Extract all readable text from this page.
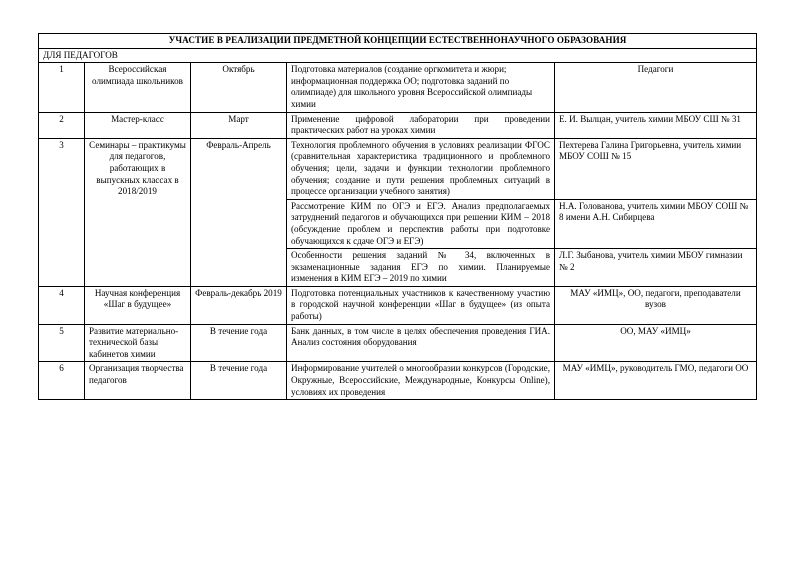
УЧАСТИЕ В РЕАЛИЗАЦИИ ПРЕДМЕТНОЙ КОНЦЕПЦИИ ЕСТЕСТВЕННОНАУЧНОГО ОБРАЗОВАНИЯ				
ДЛЯ ПЕДАГОГОВ				
1	Всероссийская олимпиада школьников	Октябрь	Подготовка материалов (создание оргкомитета и жюри; информационная поддержка ОО; подготовка заданий по олимпиаде) для школьного уровня Всероссийской олимпиады химии	Педагоги
2	Мастер-класс	Март	Применение цифровой лаборатории при проведении практических работ на уроках химии	Е. И. Вылцан, учитель химии МБОУ СШ № 31
3	Семинары – практикумы для педагогов, работающих в выпускных классах в 2018/2019	Февраль-Апрель	Технология проблемного обучения в условиях реализации ФГОС (сравнительная характеристика традиционного и проблемного обучения; цели, задачи и функции технологии проблемного обучения; создание и пути решения проблемных ситуаций в процессе организации учебного занятия)	Пехтерева Галина Григорьевна, учитель химии МБОУ СОШ № 15
			Рассмотрение КИМ по ОГЭ и ЕГЭ. Анализ предполагаемых затруднений педагогов и обучающихся при решении КИМ – 2018 (обсуждение проблем и перспектив работы при подготовке обучающихся к сдаче ОГЭ и ЕГЭ)	Н.А. Голованова, учитель химии МБОУ СОШ № 8 имени А.Н. Сибирцева
			Особенности решения заданий № 34, включенных в экзаменационные задания ЕГЭ по химии. Планируемые изменения в КИМ ЕГЭ – 2019 по химии	Л.Г. Зыбанова, учитель химии МБОУ гимназии № 2
4	Научная конференция «Шаг в будущее»	Февраль-декабрь 2019	Подготовка потенциальных участников к качественному участию в городской научной конференции «Шаг в будущее» (из опыта работы)	МАУ «ИМЦ», ОО, педагоги, преподаватели вузов
5	Развитие материально-технической базы кабинетов химии	В течение года	Банк данных, в том числе в целях обеспечения проведения ГИА. Анализ состояния оборудования	ОО, МАУ «ИМЦ»
6	Организация творчества педагогов	В течение года	Информирование учителей о многообразии конкурсов (Городские, Окружные, Всероссийские, Международные, Конкурсы Online), условиях их проведения	МАУ «ИМЦ», руководитель ГМО, педагоги ОО
